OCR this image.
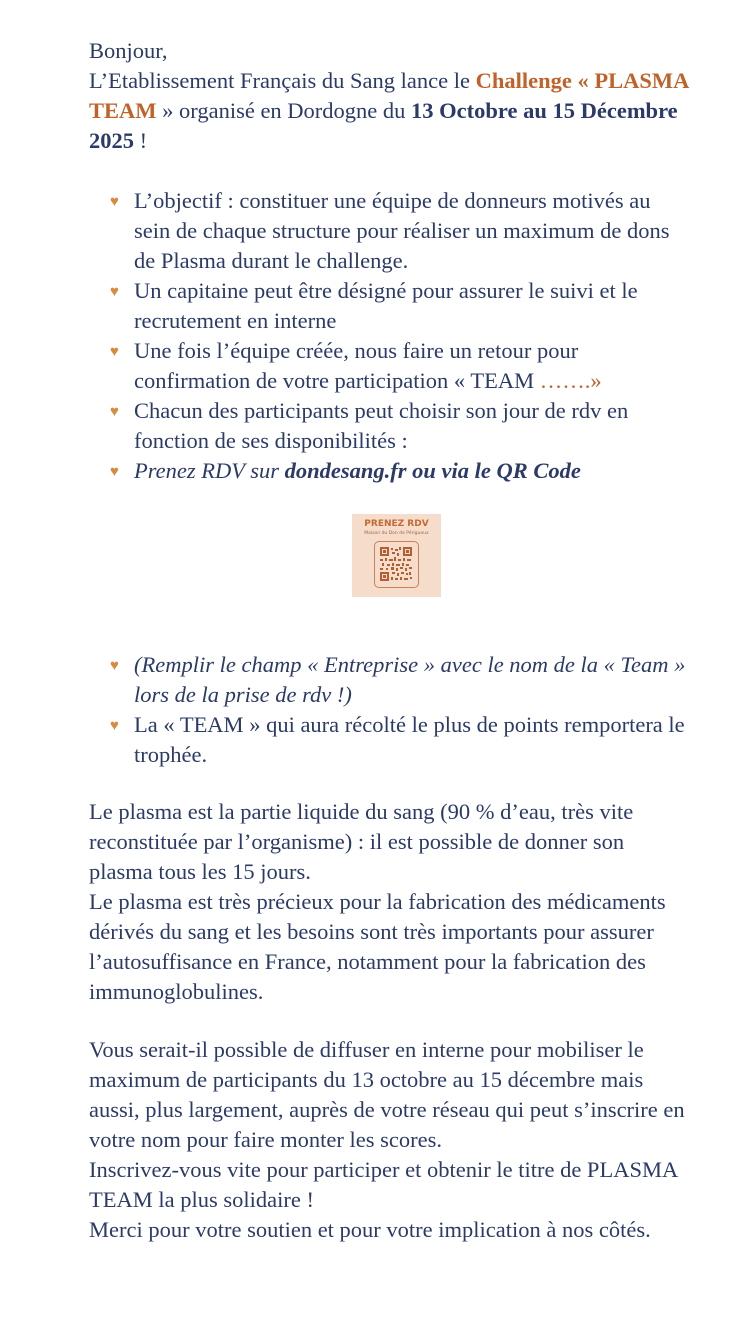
Bonjour,
L’Etablissement Français du Sang lance le Challenge « PLASMA TEAM » organisé en Dordogne du 13 Octobre au 15 Décembre 2025 !
♥ L’objectif : constituer une équipe de donneurs motivés au sein de chaque structure pour réaliser un maximum de dons de Plasma durant le challenge.
♥ Un capitaine peut être désigné pour assurer le suivi et le recrutement en interne
♥ Une fois l’équipe créée, nous faire un retour pour confirmation de votre participation « TEAM …….»
♥ Chacun des participants peut choisir son jour de rdv en fonction de ses disponibilités :
♥ Prenez RDV sur dondesang.fr ou via le QR Code
PRENEZ RDV
Maison du Don de Périgueux
♥ (Remplir le champ « Entreprise » avec le nom de la « Team » lors de la prise de rdv !)
♥ La « TEAM » qui aura récolté le plus de points remportera le trophée.
Le plasma est la partie liquide du sang (90 % d’eau, très vite reconstituée par l’organisme) : il est possible de donner son plasma tous les 15 jours.
Le plasma est très précieux pour la fabrication des médicaments dérivés du sang et les besoins sont très importants pour assurer l’autosuffisance en France, notamment pour la fabrication des immunoglobulines.
Vous serait-il possible de diffuser en interne pour mobiliser le maximum de participants du 13 octobre au 15 décembre mais aussi, plus largement, auprès de votre réseau qui peut s’inscrire en votre nom pour faire monter les scores.
Inscrivez-vous vite pour participer et obtenir le titre de PLASMA TEAM la plus solidaire !
Merci pour votre soutien et pour votre implication à nos côtés.
